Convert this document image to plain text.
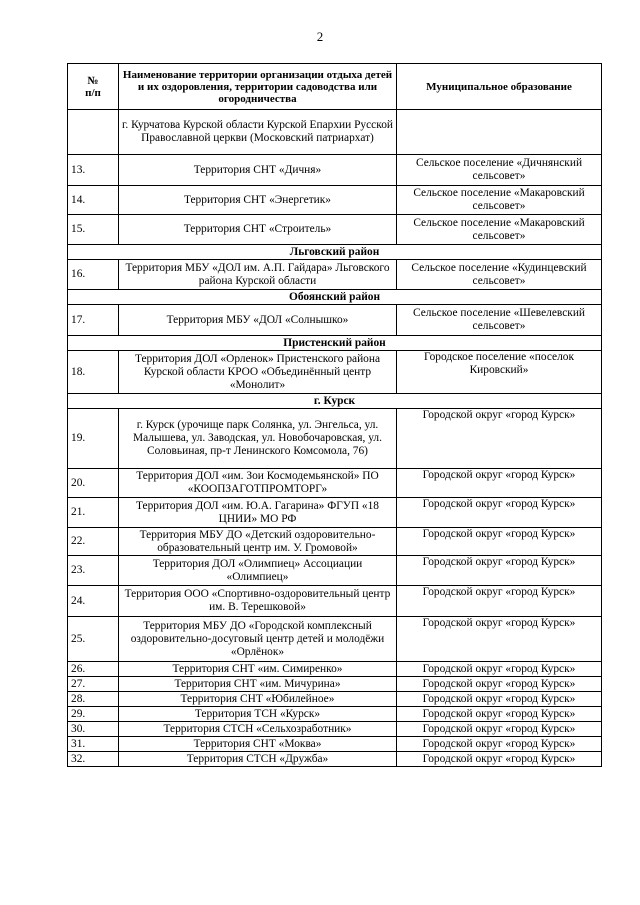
2
№
п/п	Наименование территории организации отдыха детей и их оздоровления, территории садоводства или огородничества	Муниципальное образование
	г. Курчатова Курской области Курской Епархии Русской Православной церкви (Московский патриархат)	
13.	Территория СНТ «Дичня»	Сельское поселение «Дичнянский сельсовет»
14.	Территория СНТ «Энергетик»	Сельское поселение «Макаровский сельсовет»
15.	Территория СНТ «Строитель»	Сельское поселение «Макаровский сельсовет»
Льговский район		
16.	Территория МБУ «ДОЛ им. А.П. Гайдара» Льговского района Курской области	Сельское поселение «Кудинцевский сельсовет»
Обоянский район		
17.	Территория МБУ «ДОЛ «Солнышко»	Сельское поселение «Шевелевский сельсовет»
Пристенский район		
18.	Территория ДОЛ «Орленок» Пристенского района Курской области КРОО «Объединённый центр «Монолит»	Городское поселение «поселок Кировский»
г. Курск		
19.	г. Курск (урочище парк Солянка, ул. Энгельса, ул. Малышева, ул. Заводская, ул. Новобочаровская, ул. Соловьиная, пр-т Ленинского Комсомола, 76)	Городской округ «город Курск»
20.	Территория ДОЛ «им. Зои Космодемьянской» ПО «КООПЗАГОТПРОМТОРГ»	Городской округ «город Курск»
21.	Территория ДОЛ «им. Ю.А. Гагарина» ФГУП «18 ЦНИИ» МО РФ	Городской округ «город Курск»
22.	Территория МБУ ДО «Детский оздоровительно-образовательный центр им. У. Громовой»	Городской округ «город Курск»
23.	Территория ДОЛ «Олимпиец» Ассоциации «Олимпиец»	Городской округ «город Курск»
24.	Территория ООО «Спортивно-оздоровительный центр им. В. Терешковой»	Городской округ «город Курск»
25.	Территория МБУ ДО «Городской комплексный оздоровительно-досуговый центр детей и молодёжи «Орлёнок»	Городской округ «город Курск»
26.	Территория СНТ «им. Симиренко»	Городской округ «город Курск»
27.	Территория СНТ «им. Мичурина»	Городской округ «город Курск»
28.	Территория СНТ «Юбилейное»	Городской округ «город Курск»
29.	Территория ТСН «Курск»	Городской округ «город Курск»
30.	Территория СТСН «Сельхозработник»	Городской округ «город Курск»
31.	Территория СНТ «Моква»	Городской округ «город Курск»
32.	Территория СТСН «Дружба»	Городской округ «город Курск»
